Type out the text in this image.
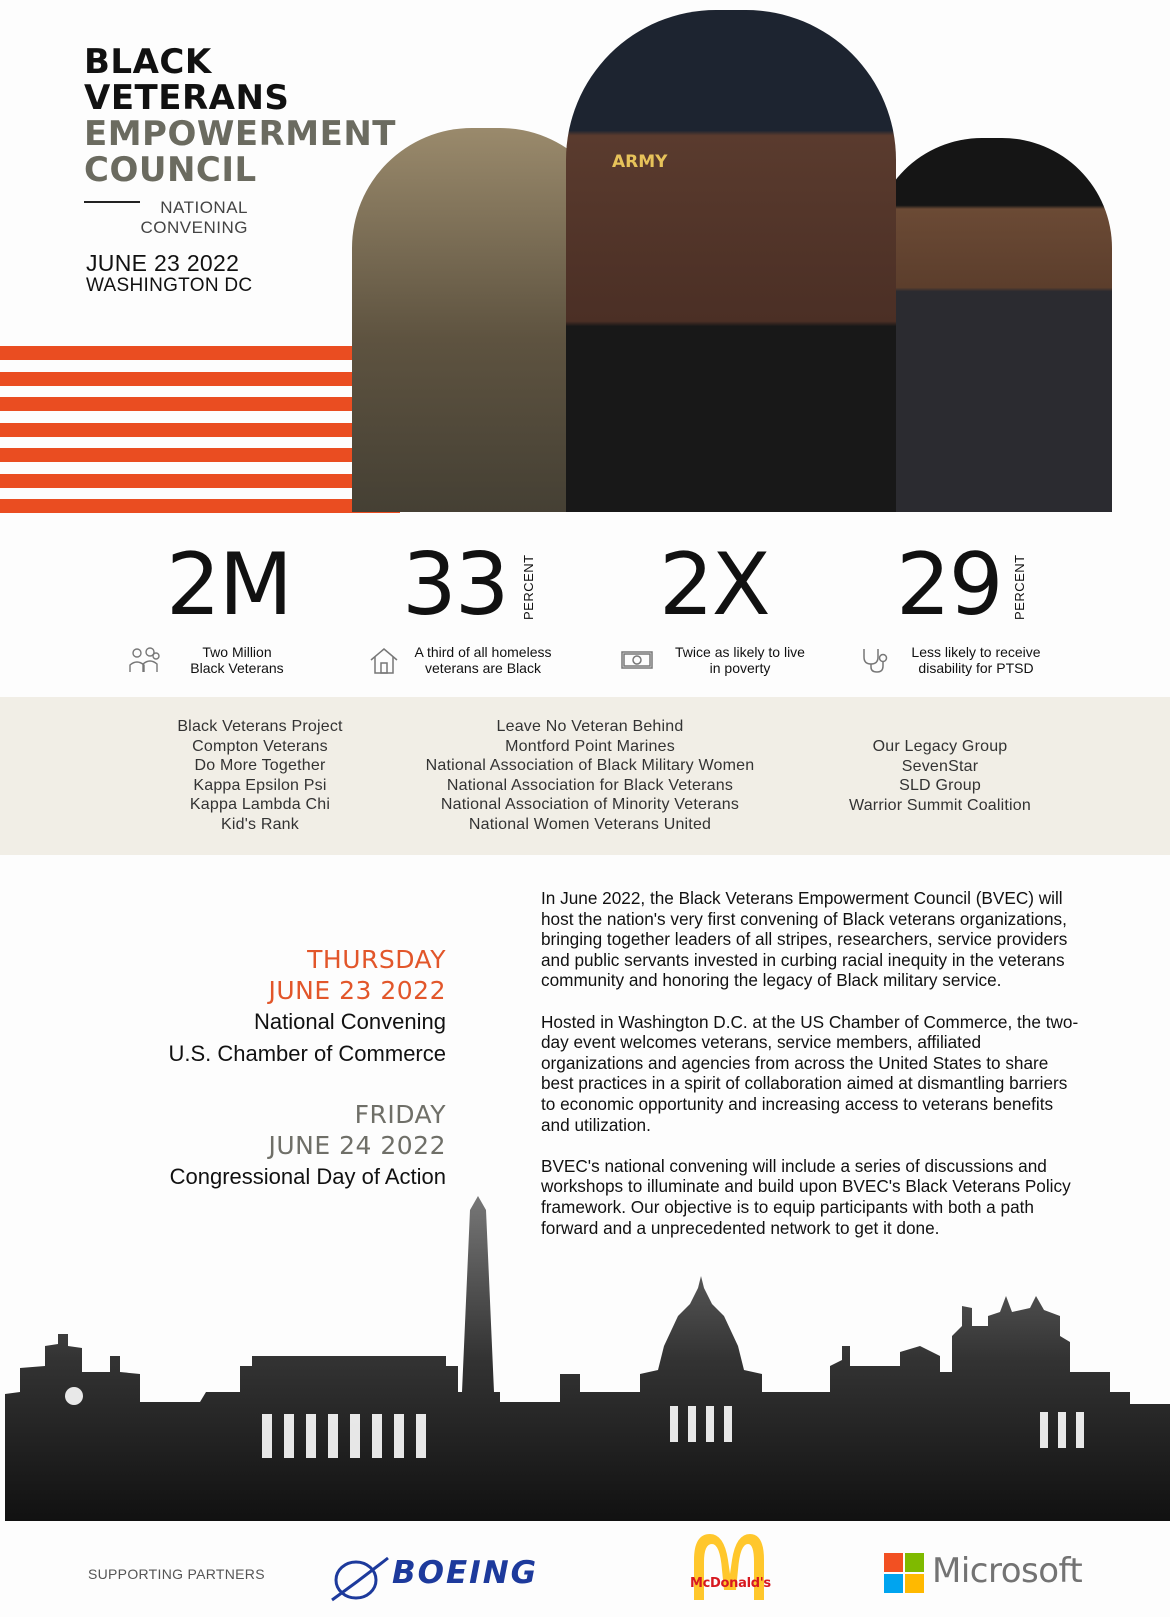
BLACK
VETERANS
EMPOWERMENT
COUNCIL
NATIONAL
CONVENING
JUNE 23 2022
WASHINGTON DC
ARMY
2M 33 PERCENT 2X 29 PERCENT
Two Million
Black Veterans
A third of all homeless
veterans are Black
Twice as likely to live
in poverty
Less likely to receive
disability for PTSD
Black Veterans Project
Compton Veterans
Do More Together
Kappa Epsilon Psi
Kappa Lambda Chi
Kid's Rank
Leave No Veteran Behind
Montford Point Marines
National Association of Black Military Women
National Association for Black Veterans
National Association of Minority Veterans
National Women Veterans United
Our Legacy Group
SevenStar
SLD Group
Warrior Summit Coalition
THURSDAY
JUNE 23 2022
National Convening
U.S. Chamber of Commerce
FRIDAY
JUNE 24 2022
Congressional Day of Action

In June 2022, the Black Veterans Empowerment Council (BVEC) will host the nation's very first convening of Black veterans organizations, bringing together leaders of all stripes, researchers, service providers and public servants invested in curbing racial inequity in the veterans community and honoring the legacy of Black military service.

Hosted in Washington D.C. at the US Chamber of Commerce, the two-day event welcomes veterans, service members, affiliated organizations and agencies from across the United States to share best practices in a spirit of collaboration aimed at dismantling barriers to economic opportunity and increasing access to veterans benefits and utilization.

BVEC's national convening will include a series of discussions and workshops to illuminate and build upon BVEC's Black Veterans Policy framework. Our objective is to equip participants with both a path forward and a unprecedented network to get it done.

SUPPORTING PARTNERS	BOEING	McDonald's	Microsoft
